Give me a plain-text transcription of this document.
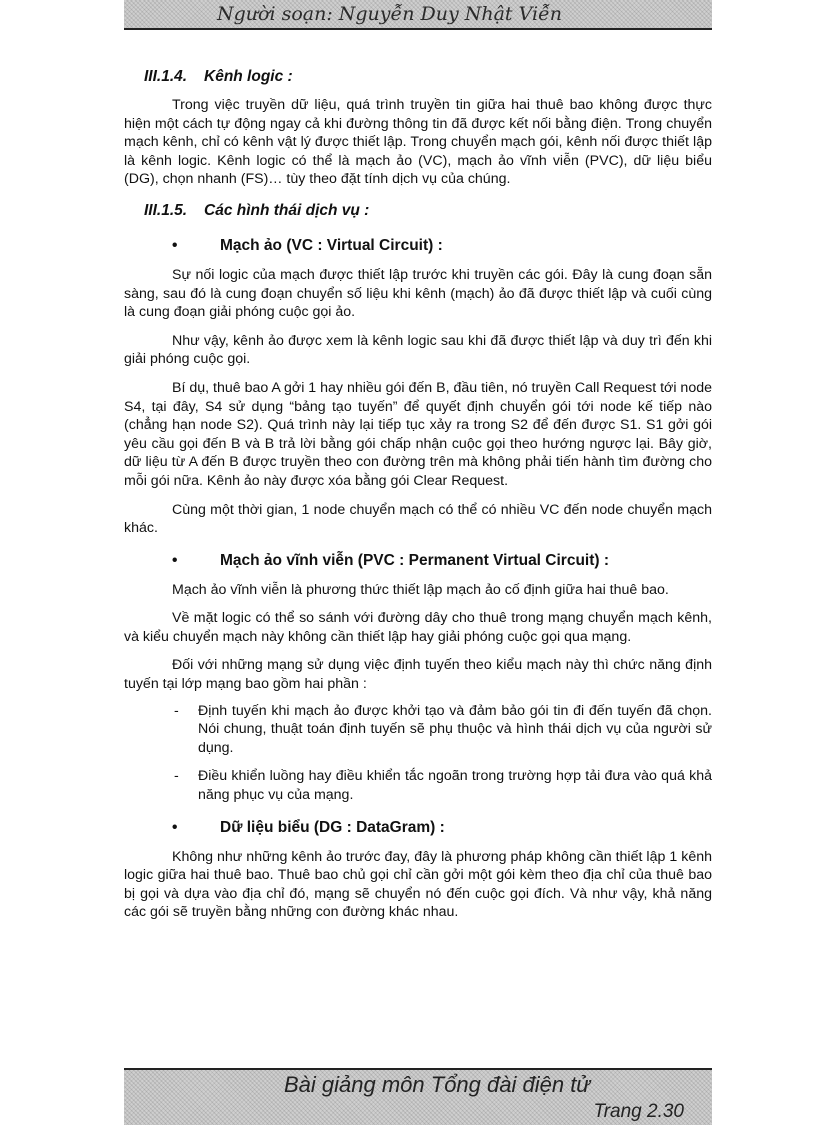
Người soạn: Nguyễn Duy Nhật Viễn
III.1.4. Kênh logic :

Trong việc truyền dữ liệu, quá trình truyền tin giữa hai thuê bao không được thực hiện một cách tự động ngay cả khi đường thông tin đã được kết nối bằng điện. Trong chuyển mạch kênh, chỉ có kênh vật lý được thiết lập. Trong chuyển mạch gói, kênh nối được thiết lập là kênh logic. Kênh logic có thể là mạch ảo (VC), mạch ảo vĩnh viễn (PVC), dữ liệu biểu (DG), chọn nhanh (FS)… tùy theo đặt tính dịch vụ của chúng.

III.1.5. Các hình thái dịch vụ :
•	Mạch ảo (VC : Virtual Circuit) :

Sự nối logic của mạch được thiết lập trước khi truyền các gói. Đây là cung đoạn sẵn sàng, sau đó là cung đoạn chuyển số liệu khi kênh (mạch) ảo đã được thiết lập và cuối cùng là cung đoạn giải phóng cuộc gọi ảo.

Như vậy, kênh ảo được xem là kênh logic sau khi đã được thiết lập và duy trì đến khi giải phóng cuộc gọi.

Bí dụ, thuê bao A gởi 1 hay nhiều gói đến B, đầu tiên, nó truyền Call Request tới node S4, tại đây, S4 sử dụng “bảng tạo tuyến” để quyết định chuyển gói tới node kế tiếp nào (chẳng hạn node S2). Quá trình này lại tiếp tục xảy ra trong S2 để đến được S1. S1 gởi gói yêu cầu gọi đến B và B trả lời bằng gói chấp nhận cuộc gọi theo hướng ngược lại. Bây giờ, dữ liệu từ A đến B được truyền theo con đường trên mà không phải tiến hành tìm đường cho mỗi gói nữa. Kênh ảo này được xóa bằng gói Clear Request.

Cùng một thời gian, 1 node chuyển mạch có thể có nhiều VC đến node chuyển mạch khác.

•	Mạch ảo vĩnh viễn (PVC : Permanent Virtual Circuit) :

Mạch ảo vĩnh viễn là phương thức thiết lập mạch ảo cố định giữa hai thuê bao.

Về mặt logic có thể so sánh với đường dây cho thuê trong mạng chuyển mạch kênh, và kiểu chuyển mạch này không cần thiết lập hay giải phóng cuộc gọi qua mạng.

Đối với những mạng sử dụng việc định tuyến theo kiểu mạch này thì chức năng định tuyến tại lớp mạng bao gồm hai phần :

- Định tuyến khi mạch ảo được khởi tạo và đảm bảo gói tin đi đến tuyến đã chọn. Nói chung, thuật toán định tuyến sẽ phụ thuộc và hình thái dịch vụ của người sử dụng.
- Điều khiển luồng hay điều khiển tắc ngoãn trong trường hợp tải đưa vào quá khả năng phục vụ của mạng.
•	Dữ liệu biểu (DG : DataGram) :

Không như những kênh ảo trước đay, đây là phương pháp không cần thiết lập 1 kênh logic giữa hai thuê bao. Thuê bao chủ gọi chỉ cần gởi một gói kèm theo địa chỉ của thuê bao bị gọi và dựa vào địa chỉ đó, mạng sẽ chuyển nó đến cuộc gọi đích. Và như vậy, khả năng các gói sẽ truyền bằng những con đường khác nhau.

Bài giảng môn Tổng đài điện tử
Trang 2.30
